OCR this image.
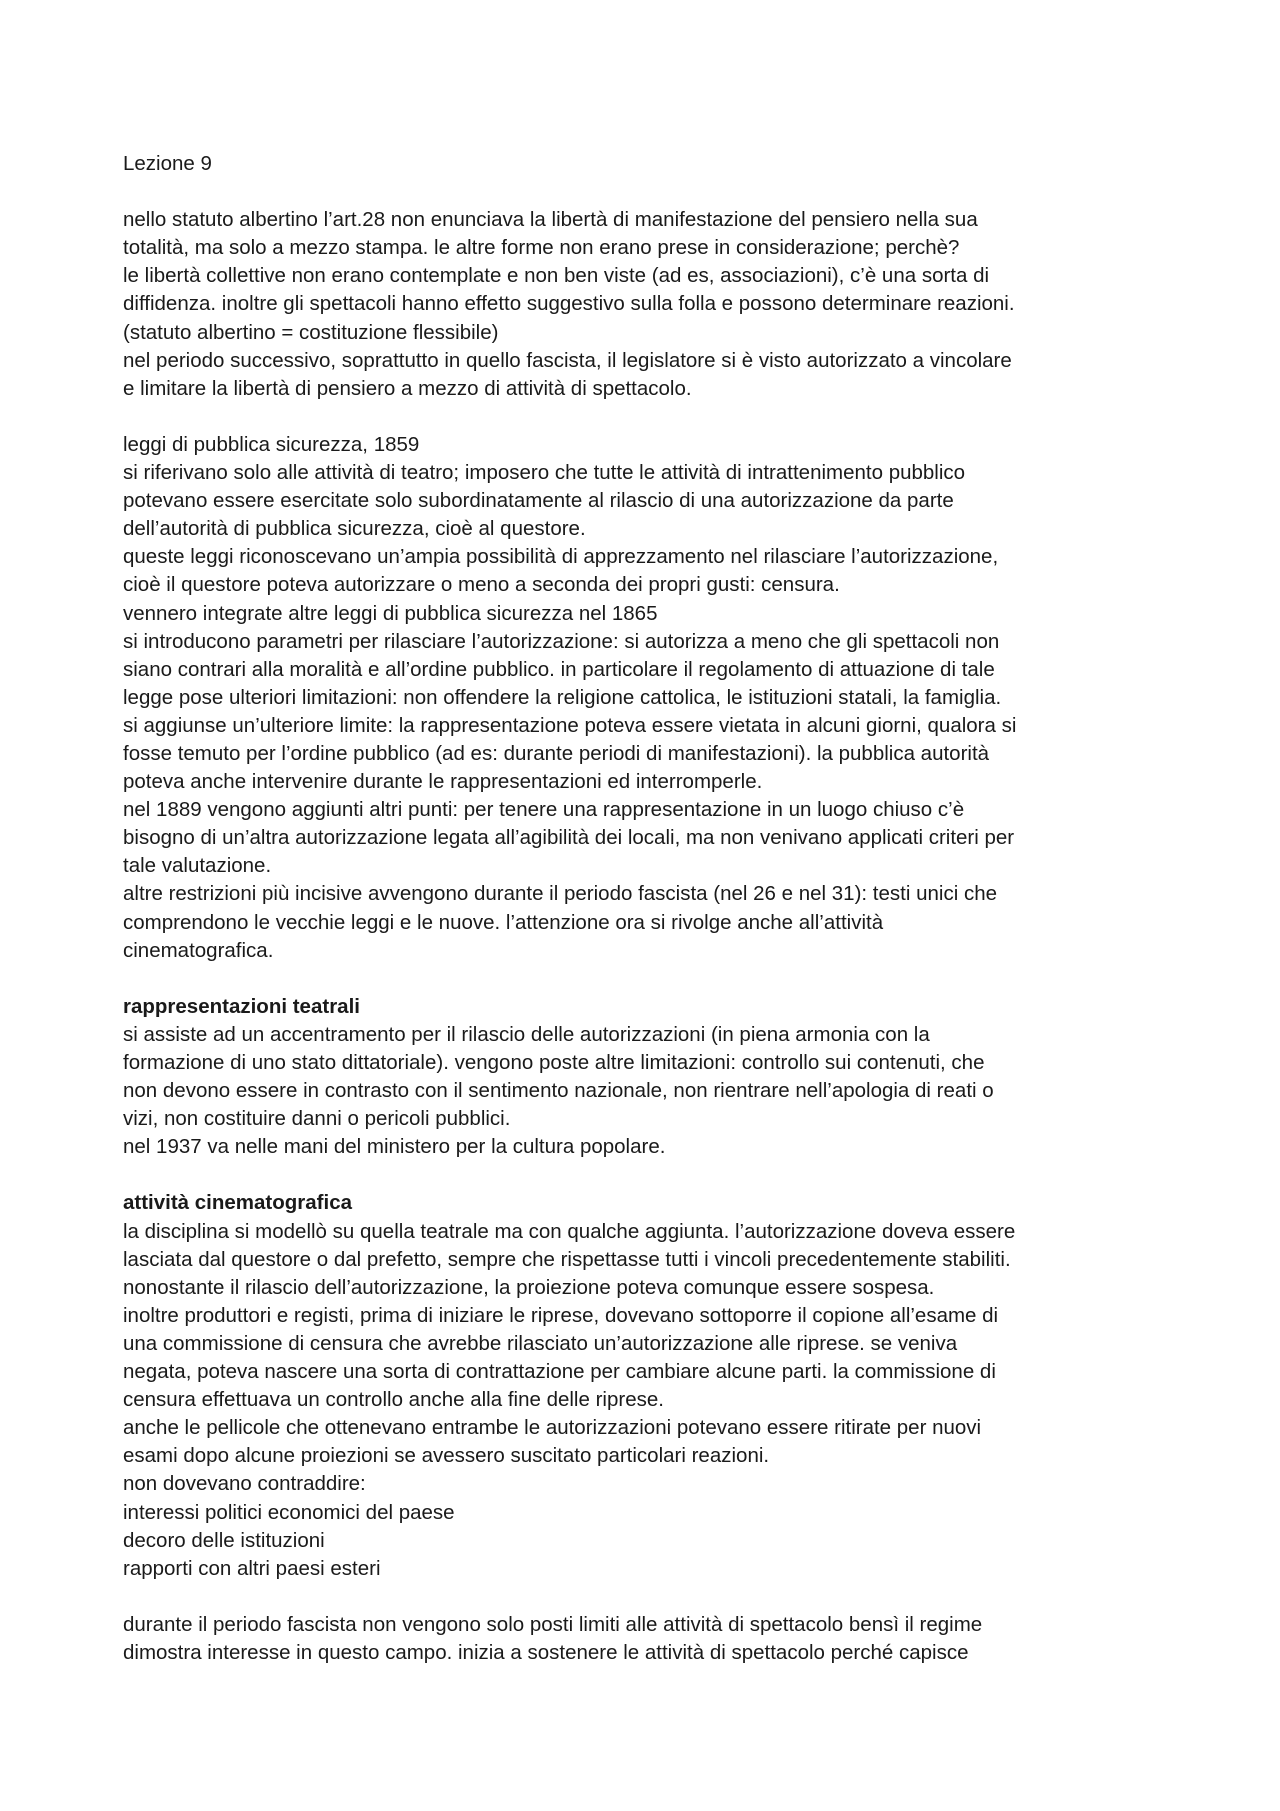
Lezione 9

nello statuto albertino l’art.28 non enunciava la libertà di manifestazione del pensiero nella sua

totalità, ma solo a mezzo stampa. le altre forme non erano prese in considerazione; perchè?

le libertà collettive non erano contemplate e non ben viste (ad es, associazioni), c’è una sorta di

diffidenza. inoltre gli spettacoli hanno effetto suggestivo sulla folla e possono determinare reazioni.

(statuto albertino = costituzione flessibile)

nel periodo successivo, soprattutto in quello fascista, il legislatore si è visto autorizzato a vincolare

e limitare la libertà di pensiero a mezzo di attività di spettacolo.

leggi di pubblica sicurezza, 1859

si riferivano solo alle attività di teatro; imposero che tutte le attività di intrattenimento pubblico

potevano essere esercitate solo subordinatamente al rilascio di una autorizzazione da parte

dell’autorità di pubblica sicurezza, cioè al questore.

queste leggi riconoscevano un’ampia possibilità di apprezzamento nel rilasciare l’autorizzazione,

cioè il questore poteva autorizzare o meno a seconda dei propri gusti: censura.

vennero integrate altre leggi di pubblica sicurezza nel 1865

si introducono parametri per rilasciare l’autorizzazione: si autorizza a meno che gli spettacoli non

siano contrari alla moralità e all’ordine pubblico. in particolare il regolamento di attuazione di tale

legge pose ulteriori limitazioni: non offendere la religione cattolica, le istituzioni statali, la famiglia.

si aggiunse un’ulteriore limite: la rappresentazione poteva essere vietata in alcuni giorni, qualora si

fosse temuto per l’ordine pubblico (ad es: durante periodi di manifestazioni). la pubblica autorità

poteva anche intervenire durante le rappresentazioni ed interromperle.

nel 1889 vengono aggiunti altri punti: per tenere una rappresentazione in un luogo chiuso c’è

bisogno di un’altra autorizzazione legata all’agibilità dei locali, ma non venivano applicati criteri per

tale valutazione.

altre restrizioni più incisive avvengono durante il periodo fascista (nel 26 e nel 31): testi unici che

comprendono le vecchie leggi e le nuove. l’attenzione ora si rivolge anche all’attività

cinematografica.

rappresentazioni teatrali

si assiste ad un accentramento per il rilascio delle autorizzazioni (in piena armonia con la

formazione di uno stato dittatoriale). vengono poste altre limitazioni: controllo sui contenuti, che

non devono essere in contrasto con il sentimento nazionale, non rientrare nell’apologia di reati o

vizi, non costituire danni o pericoli pubblici.

nel 1937 va nelle mani del ministero per la cultura popolare.

attività cinematografica

la disciplina si modellò su quella teatrale ma con qualche aggiunta. l’autorizzazione doveva essere

lasciata dal questore o dal prefetto, sempre che rispettasse tutti i vincoli precedentemente stabiliti.

nonostante il rilascio dell’autorizzazione, la proiezione poteva comunque essere sospesa.

inoltre produttori e registi, prima di iniziare le riprese, dovevano sottoporre il copione all’esame di

una commissione di censura che avrebbe rilasciato un’autorizzazione alle riprese. se veniva

negata, poteva nascere una sorta di contrattazione per cambiare alcune parti. la commissione di

censura effettuava un controllo anche alla fine delle riprese.

anche le pellicole che ottenevano entrambe le autorizzazioni potevano essere ritirate per nuovi

esami dopo alcune proiezioni se avessero suscitato particolari reazioni.

non dovevano contraddire:

interessi politici economici del paese

decoro delle istituzioni

rapporti con altri paesi esteri

durante il periodo fascista non vengono solo posti limiti alle attività di spettacolo bensì il regime

dimostra interesse in questo campo. inizia a sostenere le attività di spettacolo perché capisce
